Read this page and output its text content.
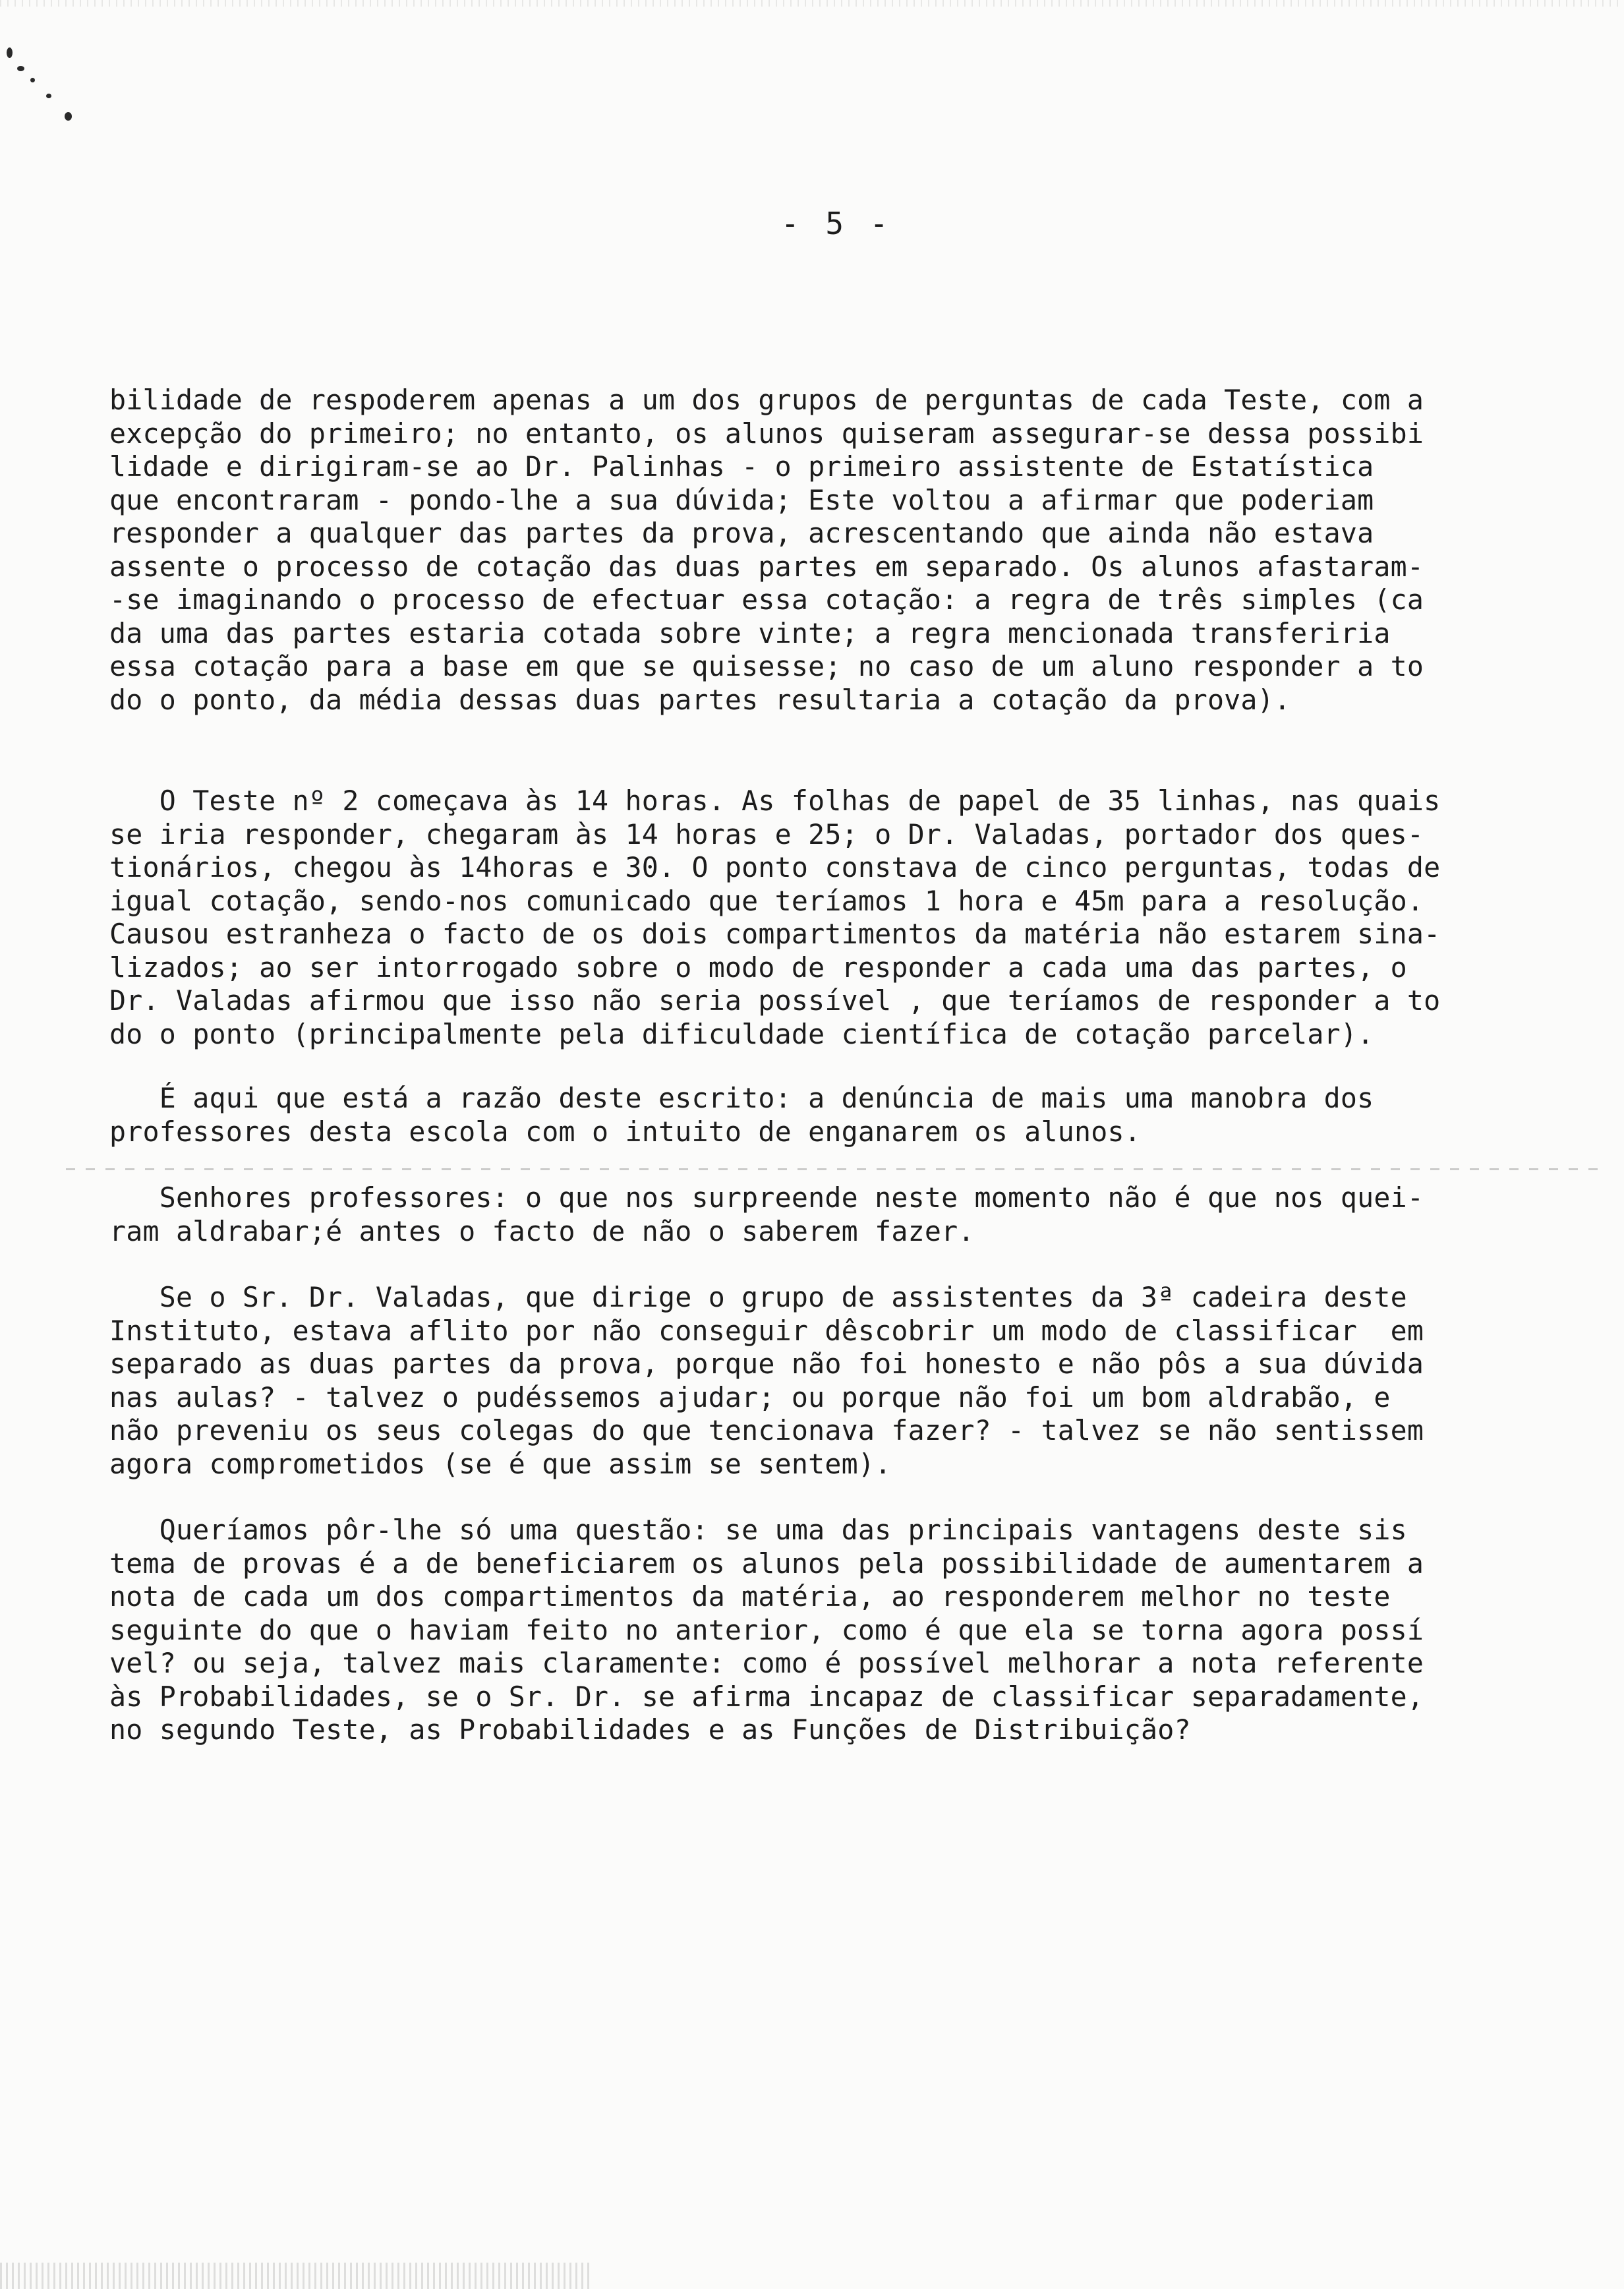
- 5 -
bilidade de respoderem apenas a um dos grupos de perguntas de cada Teste, com a
excepção do primeiro; no entanto, os alunos quiseram assegurar-se dessa possibi
lidade e dirigiram-se ao Dr. Palinhas - o primeiro assistente de Estatística
que encontraram - pondo-lhe a sua dúvida; Este voltou a afirmar que poderiam
responder a qualquer das partes da prova, acrescentando que ainda não estava
assente o processo de cotação das duas partes em separado. Os alunos afastaram-
-se imaginando o processo de efectuar essa cotação: a regra de três simples (ca
da uma das partes estaria cotada sobre vinte; a regra mencionada transferiria
essa cotação para a base em que se quisesse; no caso de um aluno responder a to
do o ponto, da média dessas duas partes resultaria a cotação da prova).
O Teste nº 2 começava às 14 horas. As folhas de papel de 35 linhas, nas quais
se iria responder, chegaram às 14 horas e 25; o Dr. Valadas, portador dos ques-
tionários, chegou às 14horas e 30. O ponto constava de cinco perguntas, todas de
igual cotação, sendo-nos comunicado que teríamos 1 hora e 45m para a resolução.
Causou estranheza o facto de os dois compartimentos da matéria não estarem sina-
lizados; ao ser intorrogado sobre o modo de responder a cada uma das partes, o
Dr. Valadas afirmou que isso não seria possível , que teríamos de responder a to
do o ponto (principalmente pela dificuldade científica de cotação parcelar).
É aqui que está a razão deste escrito: a denúncia de mais uma manobra dos
professores desta escola com o intuito de enganarem os alunos.
Senhores professores: o que nos surpreende neste momento não é que nos quei-
ram aldrabar;é antes o facto de não o saberem fazer.
Se o Sr. Dr. Valadas, que dirige o grupo de assistentes da 3ª cadeira deste
Instituto, estava aflito por não conseguir dêscobrir um modo de classificar  em
separado as duas partes da prova, porque não foi honesto e não pôs a sua dúvida
nas aulas? - talvez o pudéssemos ajudar; ou porque não foi um bom aldrabão, e
não preveniu os seus colegas do que tencionava fazer? - talvez se não sentissem
agora comprometidos (se é que assim se sentem).
Queríamos pôr-lhe só uma questão: se uma das principais vantagens deste sis
tema de provas é a de beneficiarem os alunos pela possibilidade de aumentarem a
nota de cada um dos compartimentos da matéria, ao responderem melhor no teste
seguinte do que o haviam feito no anterior, como é que ela se torna agora possí
vel? ou seja, talvez mais claramente: como é possível melhorar a nota referente
às Probabilidades, se o Sr. Dr. se afirma incapaz de classificar separadamente,
no segundo Teste, as Probabilidades e as Funções de Distribuição?
